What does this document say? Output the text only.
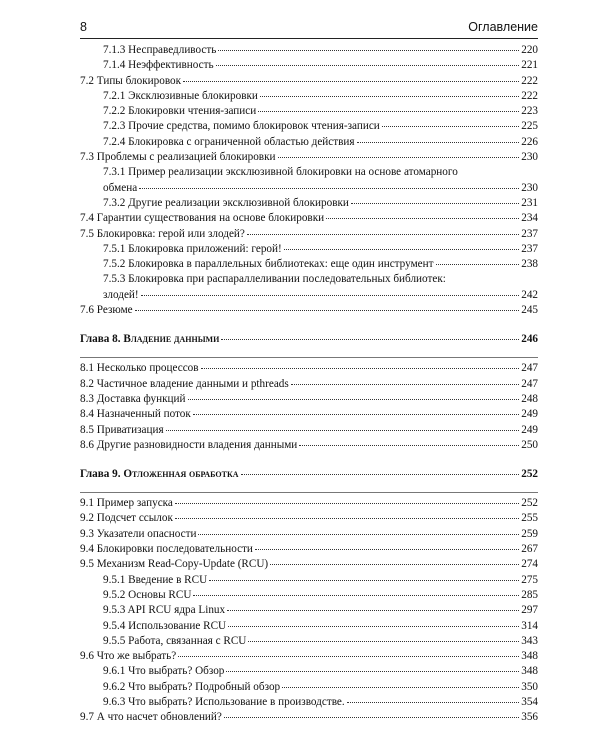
8	Оглавление
7.1.3 Несправедливость	220
7.1.4 Неэффективность	221
7.2 Типы блокировок	222
7.2.1 Эксклюзивные блокировки	222
7.2.2 Блокировки чтения-записи	223
7.2.3 Прочие средства, помимо блокировок чтения-записи	225
7.2.4 Блокировка с ограниченной областью действия	226
7.3 Проблемы с реализацией блокировки	230
7.3.1 Пример реализации эксклюзивной блокировки на основе атомарного
обмена	230
7.3.2 Другие реализации эксклюзивной блокировки	231
7.4 Гарантии существования на основе блокировки	234
7.5 Блокировка: герой или злодей?	237
7.5.1 Блокировка приложений: герой!	237
7.5.2 Блокировка в параллельных библиотеках: еще один инструмент	238
7.5.3 Блокировка при распараллеливании последовательных библиотек:
злодей!	242
7.6 Резюме	245
Глава 8.
Владение данными	246
8.1 Несколько процессов	247
8.2 Частичное владение данными и pthreads	247
8.3 Доставка функций	248
8.4 Назначенный поток	249
8.5 Приватизация	249
8.6 Другие разновидности владения данными	250
Глава 9.
Отложенная обработка	252
9.1 Пример запуска	252
9.2 Подсчет ссылок	255
9.3 Указатели опасности	259
9.4 Блокировки последовательности	267
9.5 Механизм Read-Copy-Update (RCU)	274
9.5.1 Введение в RCU	275
9.5.2 Основы RCU	285
9.5.3 API RCU ядра Linux	297
9.5.4 Использование RCU	314
9.5.5 Работа, связанная с RCU	343
9.6 Что же выбрать?	348
9.6.1 Что выбрать? Обзор	348
9.6.2 Что выбрать? Подробный обзор	350
9.6.3 Что выбрать? Использование в производстве.	354
9.7 А что насчет обновлений?	356
